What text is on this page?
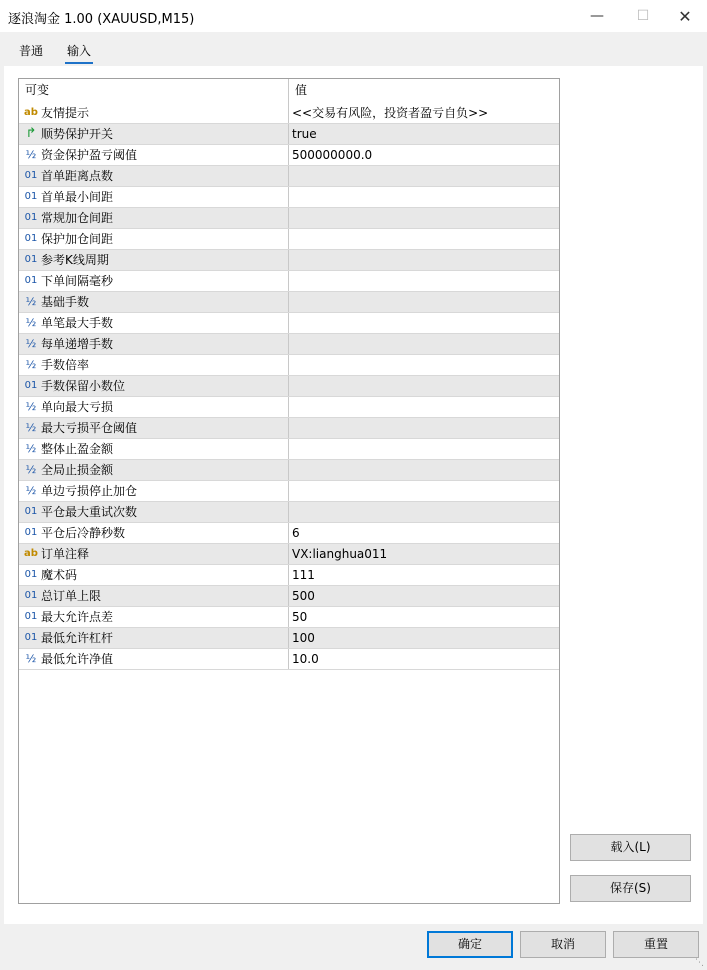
逐浪淘金 1.00 (XAUUSD,M15)	—	☐	✕
普通 输入
可变	值
ab 友情提示	<<交易有风险，投资者盈亏自负>>
↱ 顺势保护开关	true
½ 资金保护盈亏阈值	500000000.0
01 首单距离点数
01 首单最小间距
01 常规加仓间距
01 保护加仓间距
01 参考K线周期
01 下单间隔毫秒
½ 基础手数
½ 单笔最大手数
½ 每单递增手数
½ 手数倍率
01 手数保留小数位
½ 单向最大亏损
½ 最大亏损平仓阈值
½ 整体止盈金额
½ 全局止损金额
½ 单边亏损停止加仓
01 平仓最大重试次数
01 平仓后冷静秒数	6
ab 订单注释	VX:lianghua011
01 魔术码	111
01 总订单上限	500
01 最大允许点差	50
01 最低允许杠杆	100
½ 最低允许净值	10.0
载入(L)
保存(S)
确定	取消	重置
⋱
